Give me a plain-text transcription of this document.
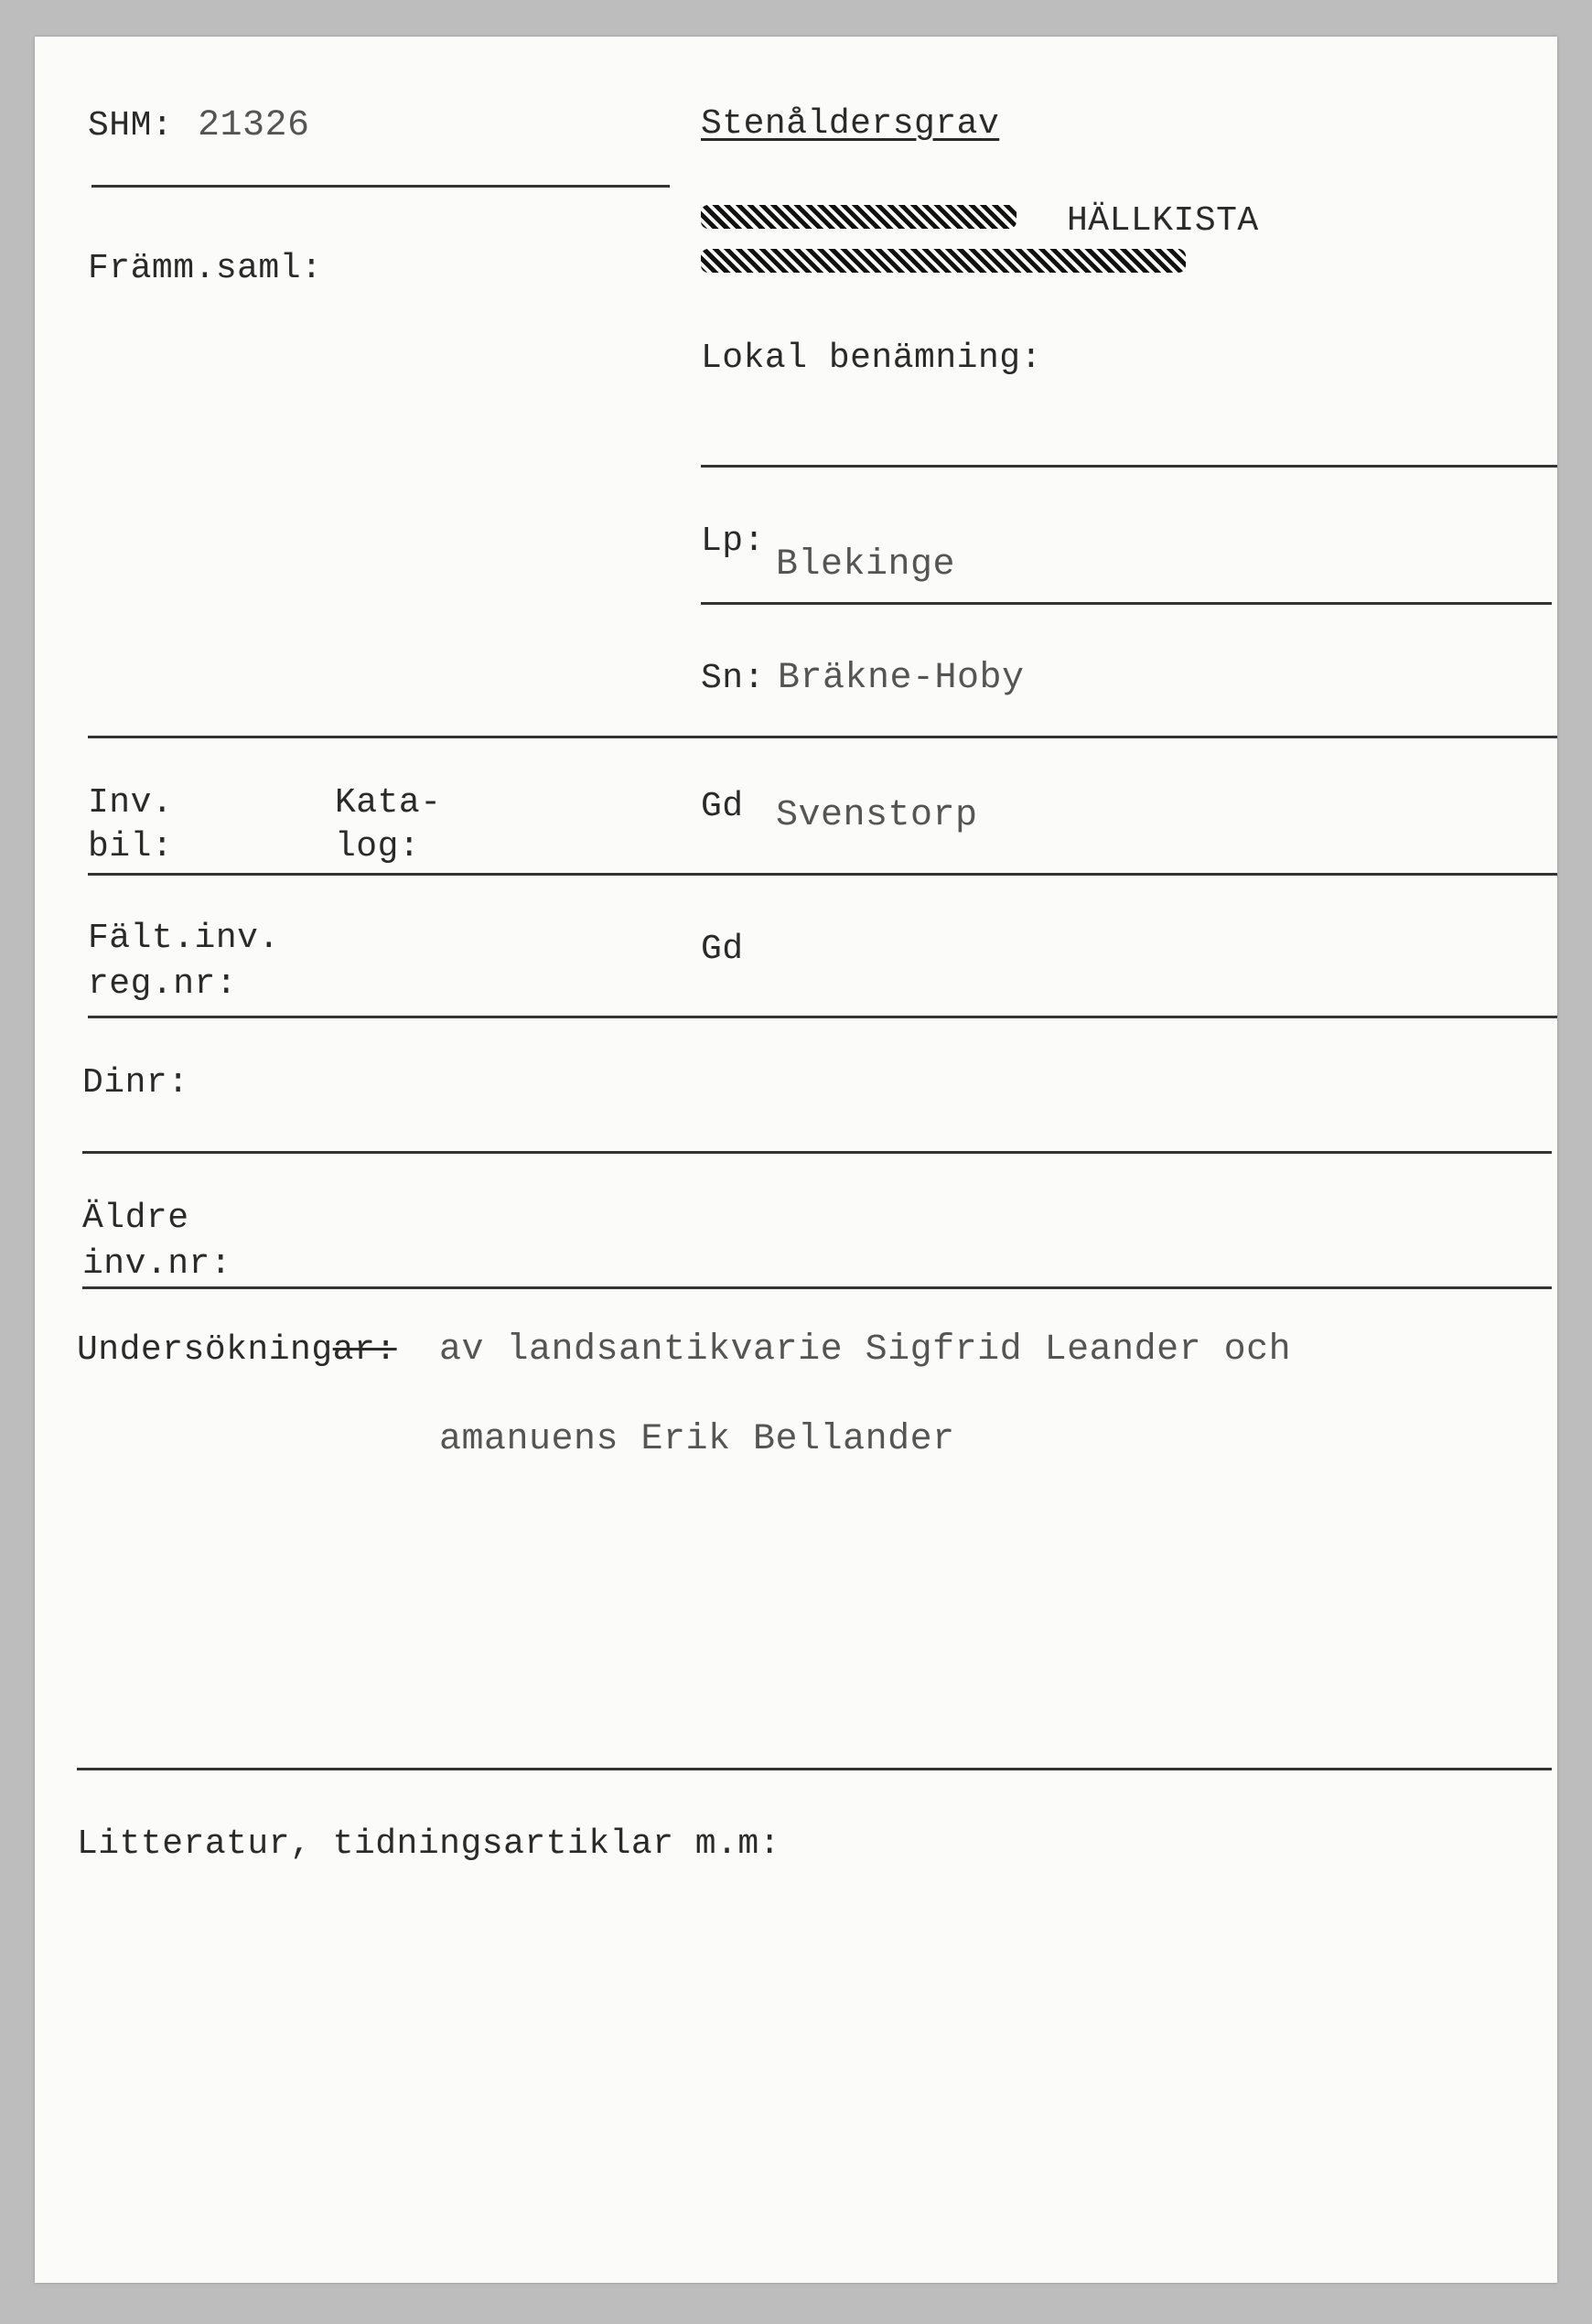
SHM: 21326	Stenåldersgrav
HÄLLKISTA
Främm.saml:
Lokal benämning:
Lp:
Blekinge
Sn: Bräkne-Hoby
Inv.
bil:
Kata-
log:
Gd Svenstorp
Fält.inv.
reg.nr:
Gd
Dinr:
Äldre
inv.nr:
Undersökningar: av landsantikvarie Sigfrid Leander och
amanuens Erik Bellander
Litteratur, tidningsartiklar m.m:
